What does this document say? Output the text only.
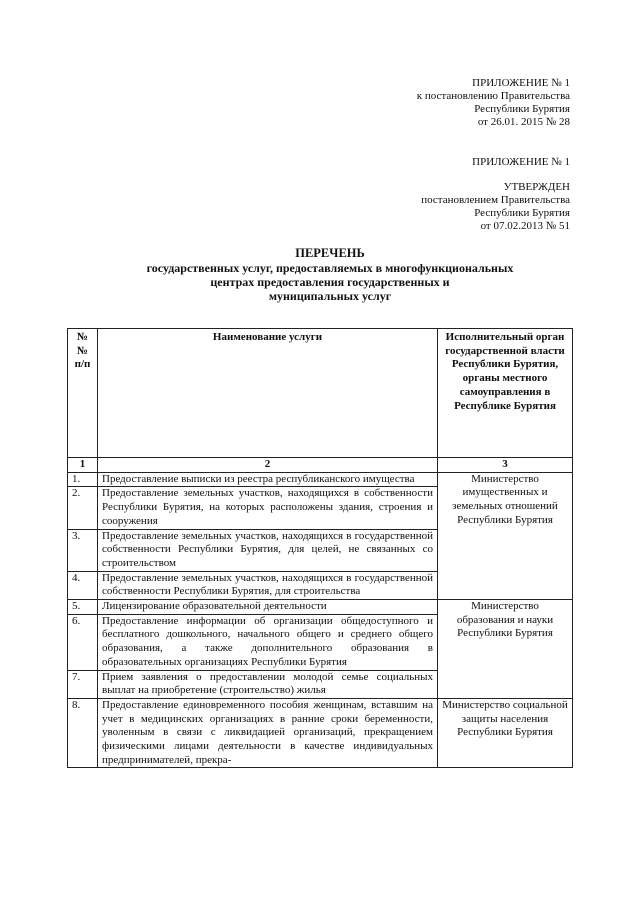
ПРИЛОЖЕНИЕ № 1
к постановлению Правительства
Республики Бурятия
от 26.01. 2015 № 28
ПРИЛОЖЕНИЕ № 1
УТВЕРЖДЕН
постановлением Правительства
Республики Бурятия
от 07.02.2013 № 51
ПЕРЕЧЕНЬ
государственных услуг, предоставляемых в многофункциональных
центрах предоставления государственных и
муниципальных услуг
№№ п/п	Наименование услуги	Исполнительный орган государственной власти Республики Бурятия, органы местного самоуправления в Республике Бурятия
1	2	3
1.	Предоставление выписки из реестра республиканского имущества	Министерство имущественных и земельных отношений Республики Бурятия
2.	Предоставление земельных участков, находящихся в собственности Республики Бурятия, на которых расположены здания, строения и сооружения	
3.	Предоставление земельных участков, находящихся в государственной собственности Республики Бурятия, для целей, не связанных со строительством	
4.	Предоставление земельных участков, находящихся в государственной собственности Республики Бурятия, для строительства	
5.	Лицензирование образовательной деятельности	Министерство образования и науки Республики Бурятия
6.	Предоставление информации об организации общедоступного и бесплатного дошкольного, начального общего и среднего общего образования, а также дополнительного образования в образовательных организациях Республики Бурятия	
7.	Прием заявления о предоставлении молодой семье социальных выплат на приобретение (строительство) жилья	
8.	Предоставление единовременного пособия женщинам, вставшим на учет в медицинских организациях в ранние сроки беременности, уволенным в связи с ликвидацией организаций, прекращением физическими лицами деятельности в качестве индивидуальных предпринимателей, прекра-	Министерство социальной защиты населения Республики Бурятия
